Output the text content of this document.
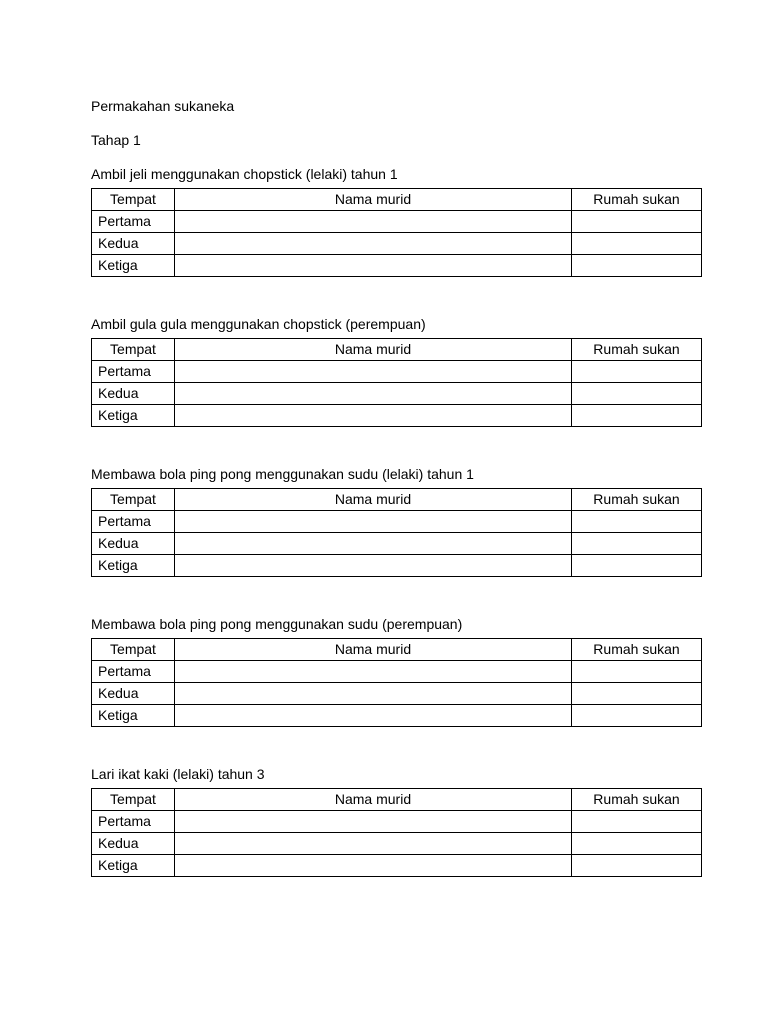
Permakahan sukaneka

Tahap 1

Ambil jeli menggunakan chopstick (lelaki) tahun 1

Tempat	Nama murid	Rumah sukan
Pertama		
Kedua		
Ketiga		

Ambil gula gula menggunakan chopstick (perempuan)

Tempat	Nama murid	Rumah sukan
Pertama		
Kedua		
Ketiga		

Membawa bola ping pong menggunakan sudu (lelaki) tahun 1

Tempat	Nama murid	Rumah sukan
Pertama		
Kedua		
Ketiga		

Membawa bola ping pong menggunakan sudu (perempuan)

Tempat	Nama murid	Rumah sukan
Pertama		
Kedua		
Ketiga		

Lari ikat kaki (lelaki) tahun 3

Tempat	Nama murid	Rumah sukan
Pertama		
Kedua		
Ketiga		
